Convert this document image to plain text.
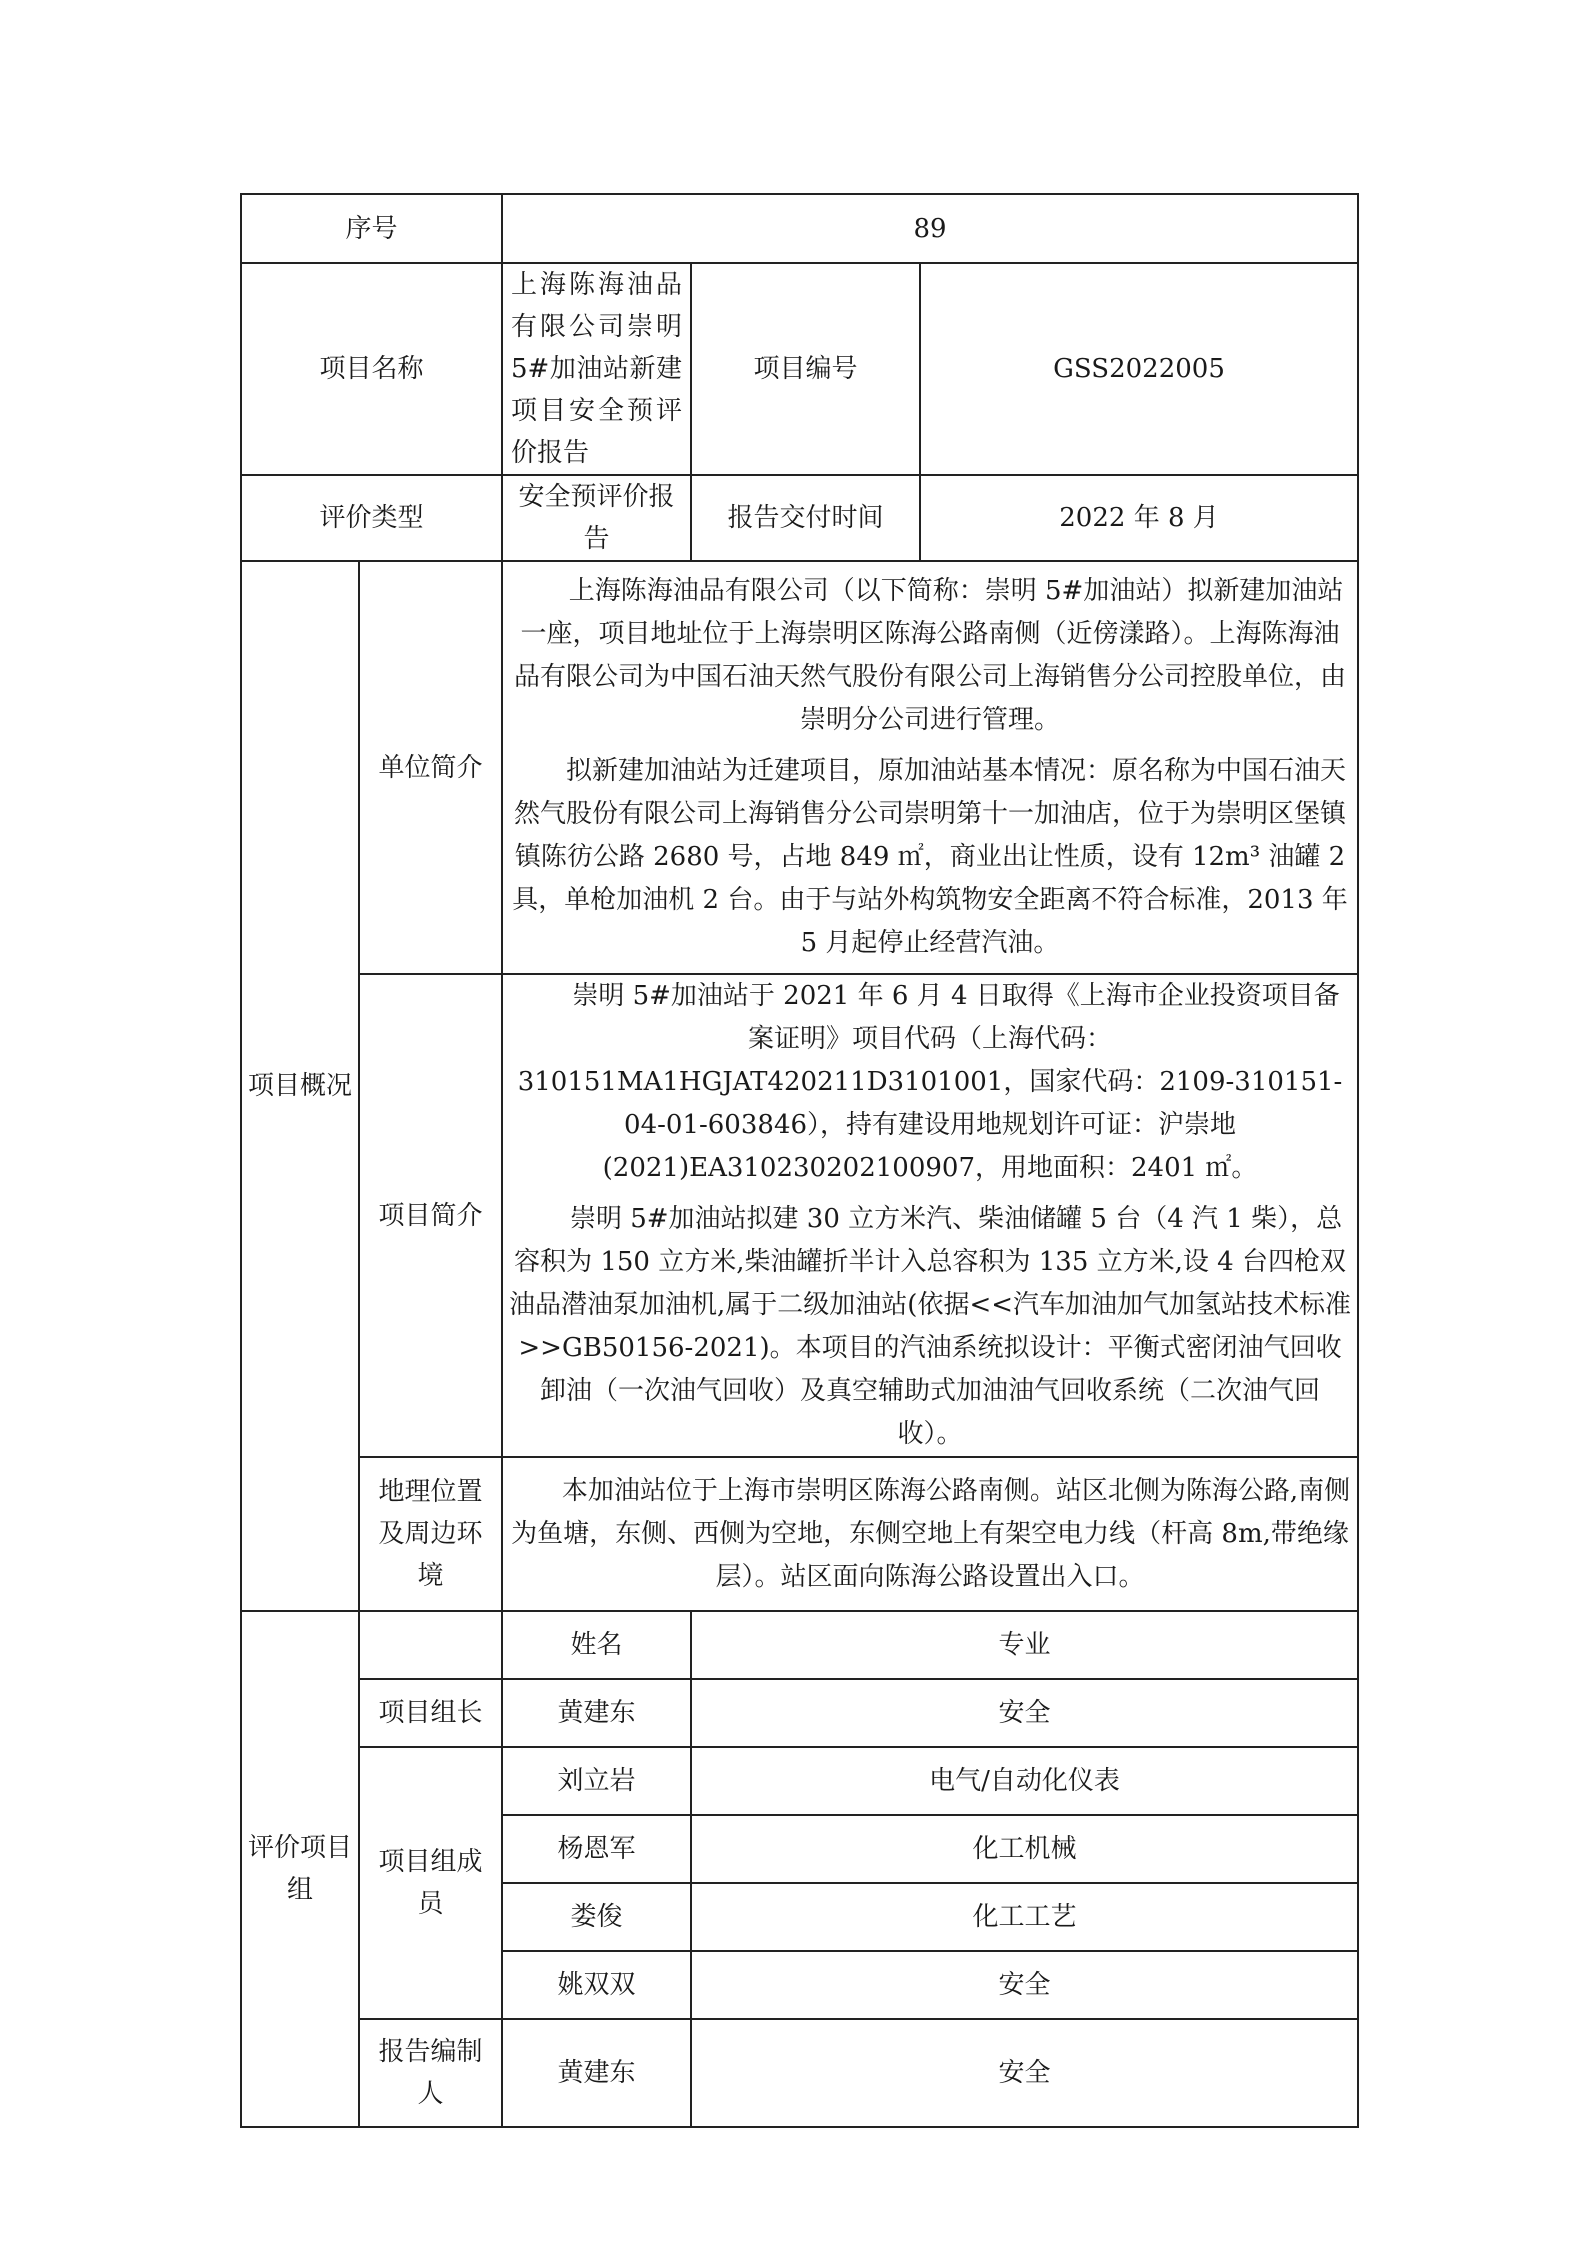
序号		89		
项目名称		上海陈海油品有限公司崇明 5#加油站新建项目安全预评价报告	项目编号	GSS2022005
评价类型		安全预评价报告	报告交付时间	2022 年 8 月
项目概况	单位简介	上海陈海油品有限公司（以下简称：崇明 5#加油站）拟新建加油站一座，项目地址位于上海崇明区陈海公路南侧（近傍漾路）。上海陈海油品有限公司为中国石油天然气股份有限公司上海销售分公司控股单位，由崇明分公司进行管理。

拟新建加油站为迁建项目，原加油站基本情况：原名称为中国石油天然气股份有限公司上海销售分公司崇明第十一加油店，位于为崇明区堡镇镇陈彷公路 2680 号，占地 849 ㎡，商业出让性质，设有 12m³ 油罐 2 具，单枪加油机 2 台。由于与站外构筑物安全距离不符合标准，2013 年 5 月起停止经营汽油。		

	项目简介	崇明 5#加油站于 2021 年 6 月 4 日取得《上海市企业投资项目备案证明》项目代码（上海代码：310151MA1HGJAT420211D3101001，国家代码：2109-310151-04-01-603846），持有建设用地规划许可证：沪崇地(2021)EA310230202100907，用地面积：2401 ㎡。

崇明 5#加油站拟建 30 立方米汽、柴油储罐 5 台（4 汽 1 柴），总容积为 150 立方米,柴油罐折半计入总容积为 135 立方米,设 4 台四枪双油品潜油泵加油机,属于二级加油站(依据<<汽车加油加气加氢站技术标准>>GB50156-2021)。本项目的汽油系统拟设计：平衡式密闭油气回收卸油（一次油气回收）及真空辅助式加油油气回收系统（二次油气回收）。		

	地理位置及周边环境	本加油站位于上海市崇明区陈海公路南侧。站区北侧为陈海公路,南侧为鱼塘，东侧、西侧为空地，东侧空地上有架空电力线（杆高 8m,带绝缘层）。站区面向陈海公路设置出入口。		

评价项目组		姓名	专业	
	项目组长	黄建东	安全	
	项目组成员	刘立岩	电气/自动化仪表	
		杨恩军	化工机械	
		娄俊	化工工艺	
		姚双双	安全	
	报告编制人	黄建东	安全	
